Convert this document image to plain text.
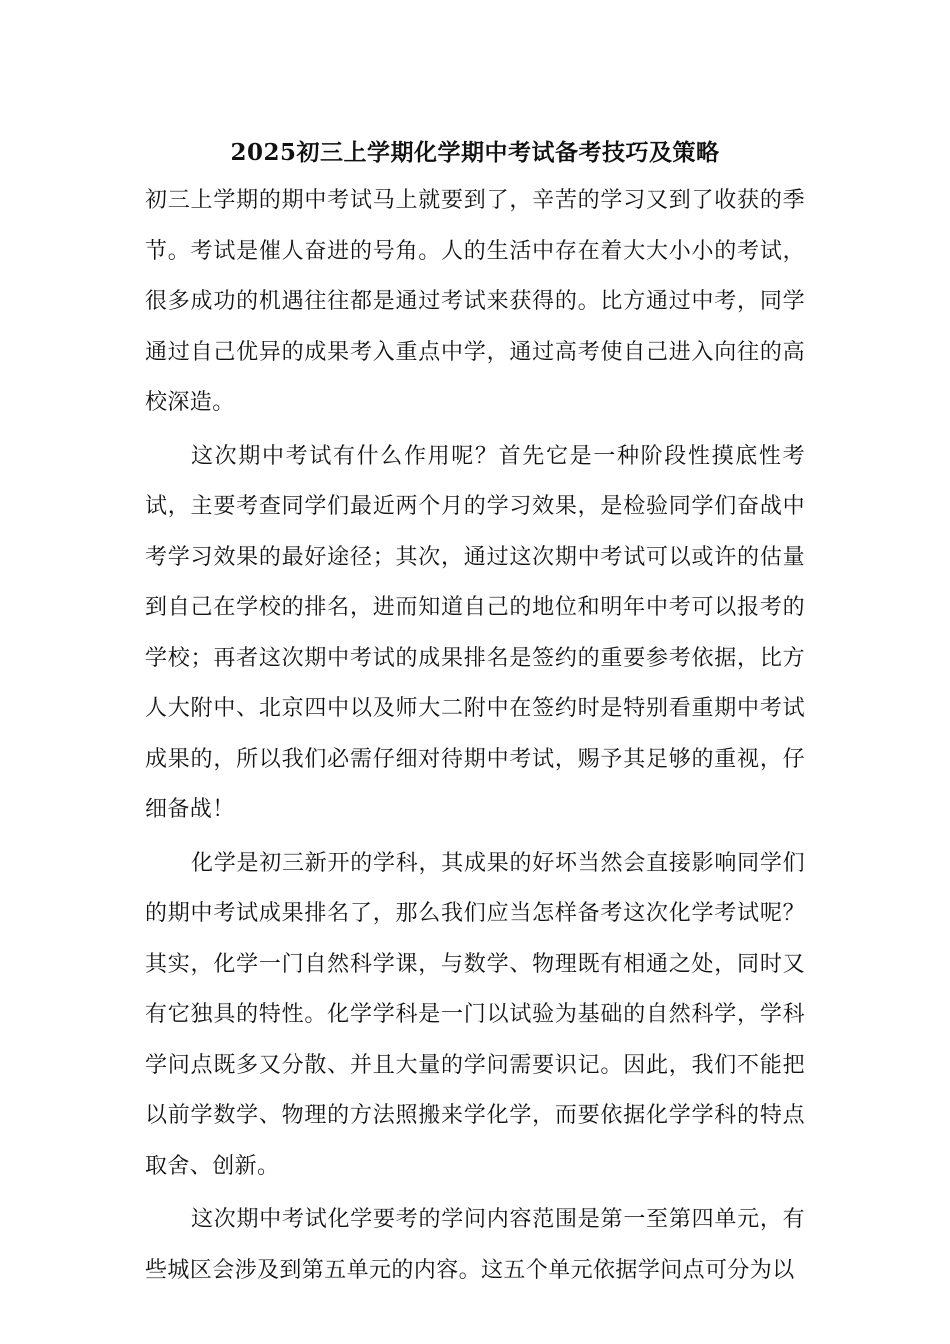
2025初三上学期化学期中考试备考技巧及策略

初三上学期的期中考试马上就要到了，辛苦的学习又到了收获的季节。考试是催人奋进的号角。人的生活中存在着大大小小的考试，很多成功的机遇往往都是通过考试来获得的。比方通过中考，同学通过自己优异的成果考入重点中学，通过高考使自己进入向往的高校深造。

这次期中考试有什么作用呢？首先它是一种阶段性摸底性考试，主要考查同学们最近两个月的学习效果，是检验同学们奋战中考学习效果的最好途径；其次，通过这次期中考试可以或许的估量到自己在学校的排名，进而知道自己的地位和明年中考可以报考的学校；再者这次期中考试的成果排名是签约的重要参考依据，比方人大附中、北京四中以及师大二附中在签约时是特别看重期中考试成果的，所以我们必需仔细对待期中考试，赐予其足够的重视，仔细备战！

化学是初三新开的学科，其成果的好坏当然会直接影响同学们的期中考试成果排名了，那么我们应当怎样备考这次化学考试呢？其实，化学一门自然科学课，与数学、物理既有相通之处，同时又有它独具的特性。化学学科是一门以试验为基础的自然科学，学科学问点既多又分散、并且大量的学问需要识记。因此，我们不能把以前学数学、物理的方法照搬来学化学，而要依据化学学科的特点取舍、创新。

这次期中考试化学要考的学问内容范围是第一至第四单元，有些城区会涉及到第五单元的内容。这五个单元依据学问点可分为以
